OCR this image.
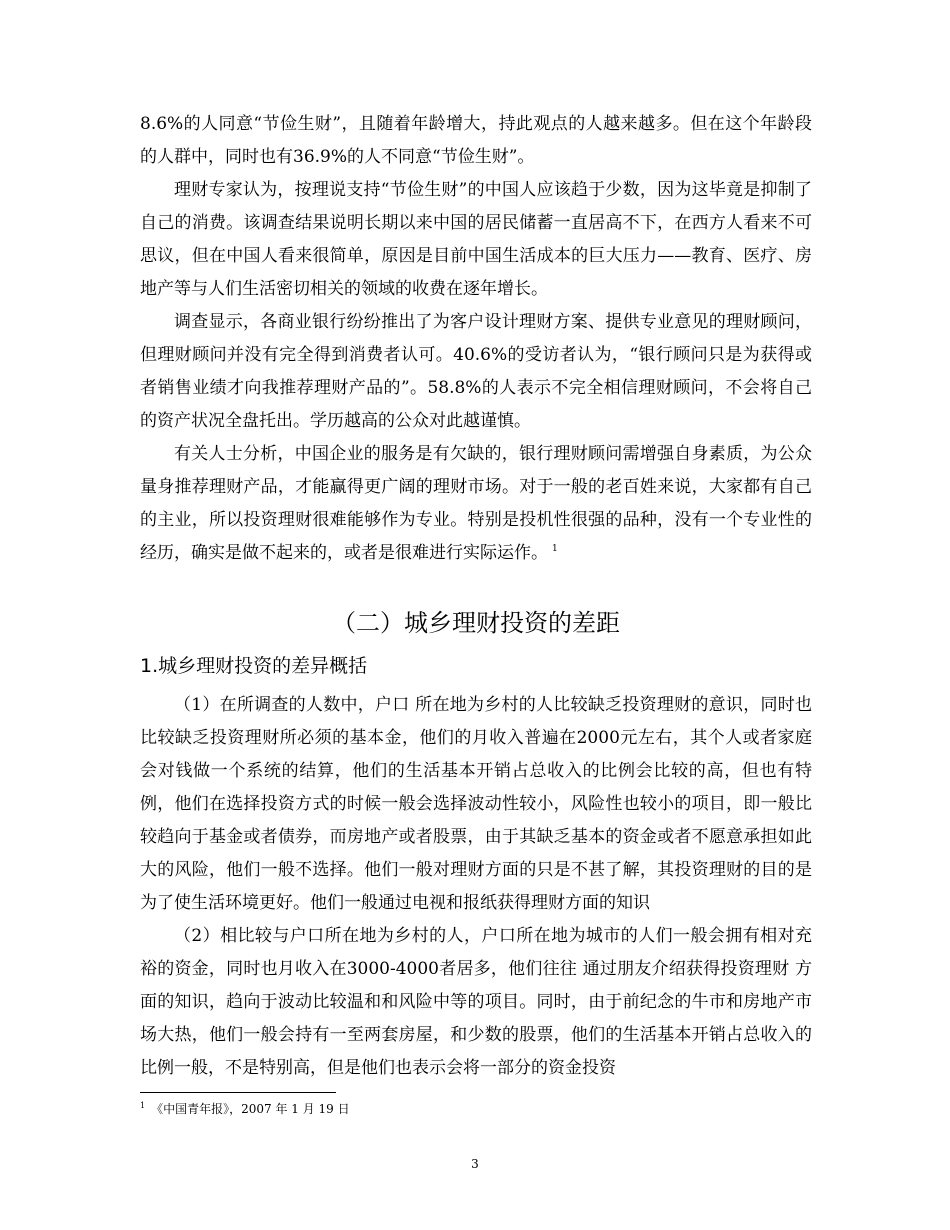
8.6%的人同意“节俭生财”，且随着年龄增大，持此观点的人越来越多。但在这个年龄段的人群中，同时也有36.9%的人不同意“节俭生财”。

理财专家认为，按理说支持“节俭生财”的中国人应该趋于少数，因为这毕竟是抑制了自己的消费。该调查结果说明长期以来中国的居民储蓄一直居高不下，在西方人看来不可思议，但在中国人看来很简单，原因是目前中国生活成本的巨大压力——教育、医疗、房地产等与人们生活密切相关的领域的收费在逐年增长。

调查显示，各商业银行纷纷推出了为客户设计理财方案、提供专业意见的理财顾问，但理财顾问并没有完全得到消费者认可。40.6%的受访者认为，“银行顾问只是为获得或者销售业绩才向我推荐理财产品的”。58.8%的人表示不完全相信理财顾问，不会将自己的资产状况全盘托出。学历越高的公众对此越谨慎。

有关人士分析，中国企业的服务是有欠缺的，银行理财顾问需增强自身素质，为公众量身推荐理财产品，才能赢得更广阔的理财市场。对于一般的老百姓来说，大家都有自己的主业，所以投资理财很难能够作为专业。特别是投机性很强的品种，没有一个专业性的经历，确实是做不起来的，或者是很难进行实际运作。 $^1$

（二）城乡理财投资的差距
1.城乡理财投资的差异概括

（1）在所调查的人数中，户口 所在地为乡村的人比较缺乏投资理财的意识，同时也比较缺乏投资理财所必须的基本金，他们的月收入普遍在2000元左右，其个人或者家庭会对钱做一个系统的结算，他们的生活基本开销占总收入的比例会比较的高，但也有特例，他们在选择投资方式的时候一般会选择波动性较小，风险性也较小的项目，即一般比较趋向于基金或者债券，而房地产或者股票，由于其缺乏基本的资金或者不愿意承担如此大的风险，他们一般不选择。他们一般对理财方面的只是不甚了解，其投资理财的目的是为了使生活环境更好。他们一般通过电视和报纸获得理财方面的知识

（2）相比较与户口所在地为乡村的人，户口所在地为城市的人们一般会拥有相对充裕的资金，同时也月收入在3000-4000者居多，他们往往 通过朋友介绍获得投资理财 方面的知识，趋向于波动比较温和和风险中等的项目。同时，由于前纪念的牛市和房地产市场大热，他们一般会持有一至两套房屋，和少数的股票，他们的生活基本开销占总收入的比例一般，不是特别高，但是他们也表示会将一部分的资金投资

$^1$ 《中国青年报》，2007 年 1 月 19 日
3
